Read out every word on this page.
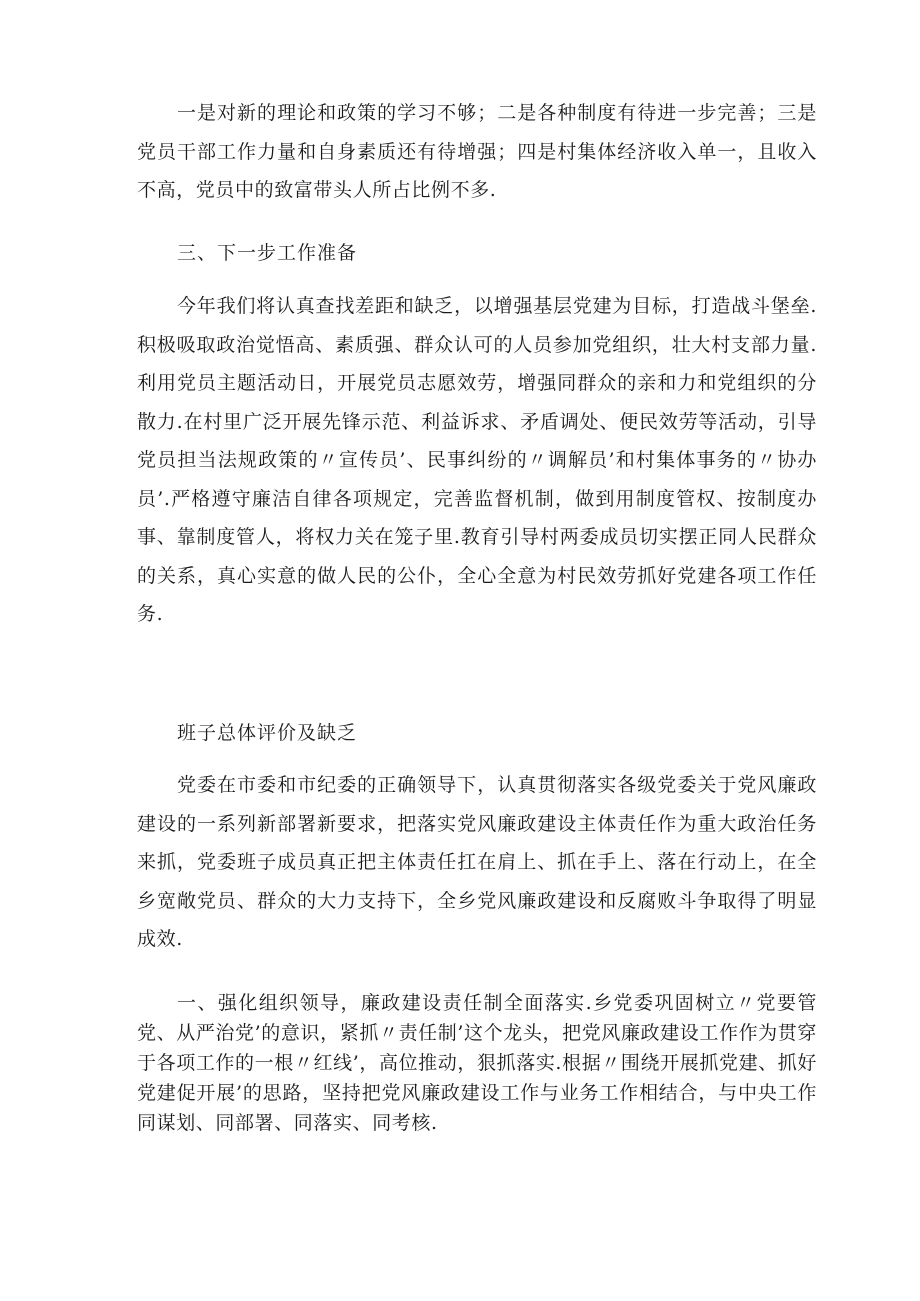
一是对新的理论和政策的学习不够；二是各种制度有待进一步完善；三是党员干部工作力量和自身素质还有待增强；四是村集体经济收入单一，且收入不高，党员中的致富带头人所占比例不多.

三、下一步工作准备

今年我们将认真查找差距和缺乏，以增强基层党建为目标，打造战斗堡垒.积极吸取政治觉悟高、素质强、群众认可的人员参加党组织，壮大村支部力量.利用党员主题活动日，开展党员志愿效劳，增强同群众的亲和力和党组织的分散力.在村里广泛开展先锋示范、利益诉求、矛盾调处、便民效劳等活动，引导党员担当法规政策的〃宣传员’、民事纠纷的〃调解员’和村集体事务的〃协办员’.严格遵守廉洁自律各项规定，完善监督机制，做到用制度管权、按制度办事、靠制度管人，将权力关在笼子里.教育引导村两委成员切实摆正同人民群众的关系，真心实意的做人民的公仆，全心全意为村民效劳抓好党建各项工作任务.

班子总体评价及缺乏

党委在市委和市纪委的正确领导下，认真贯彻落实各级党委关于党风廉政建设的一系列新部署新要求，把落实党风廉政建设主体责任作为重大政治任务来抓，党委班子成员真正把主体责任扛在肩上、抓在手上、落在行动上，在全乡宽敞党员、群众的大力支持下，全乡党风廉政建设和反腐败斗争取得了明显成效.

一、强化组织领导，廉政建设责任制全面落实.乡党委巩固树立〃党要管党、从严治党’的意识，紧抓〃责任制’这个龙头，把党风廉政建设工作作为贯穿于各项工作的一根〃红线’，高位推动，狠抓落实.根据〃围绕开展抓党建、抓好党建促开展’的思路，坚持把党风廉政建设工作与业务工作相结合，与中央工作同谋划、同部署、同落实、同考核.
